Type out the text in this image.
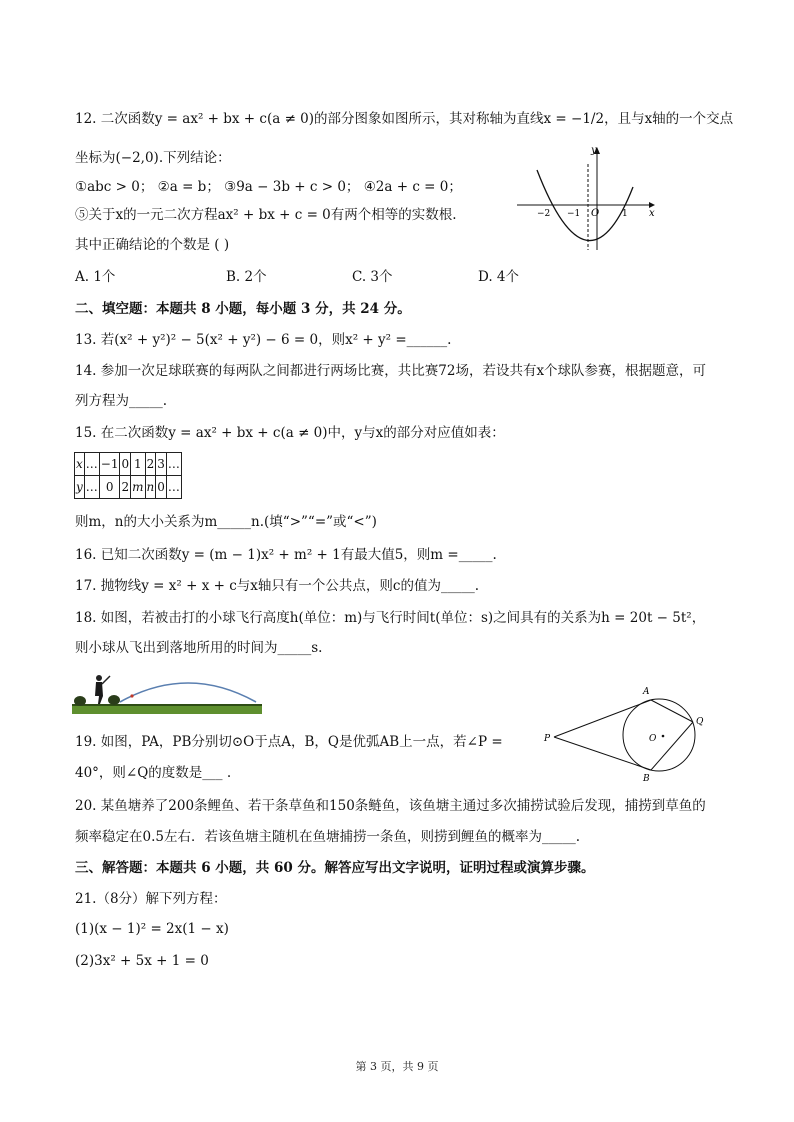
12. 二次函数y = ax² + bx + c(a ≠ 0)的部分图象如图所示，其对称轴为直线x = −1/2，且与x轴的一个交点
坐标为(−2,0).下列结论：
①abc > 0； ②a = b； ③9a − 3b + c > 0； ④2a + c = 0；
⑤关于x的一元二次方程ax² + bx + c = 0有两个相等的实数根.
其中正确结论的个数是 ( )
A. 1个	B. 2个	C. 3个	D. 4个
y
x
O
−2 −1	1
二、填空题：本题共 8 小题，每小题 3 分，共 24 分。
13. 若(x² + y²)² − 5(x² + y²) − 6 = 0，则x² + y² =______.
14. 参加一次足球联赛的每两队之间都进行两场比赛，共比赛72场，若设共有x个球队参赛，根据题意，可
列方程为_____.
15. 在二次函数y = ax² + bx + c(a ≠ 0)中，y与x的部分对应值如表：
x	…	−1	0	1	2	3	…
y	…	0	2	m	n	0	…
则m，n的大小关系为m_____n.(填“>”“=”或“<”)
16. 已知二次函数y = (m − 1)x² + m² + 1有最大值5，则m =_____.
17. 抛物线y = x² + x + c与x轴只有一个公共点，则c的值为_____.
18. 如图，若被击打的小球飞行高度h(单位：m)与飞行时间t(单位：s)之间具有的关系为h = 20t − 5t²，
则小球从飞出到落地所用的时间为_____s.
19. 如图，PA，PB分别切⊙O于点A，B，Q是优弧AB上一点，若∠P =
40°，则∠Q的度数是___ .
A
B
P
Q
O
20. 某鱼塘养了200条鲤鱼、若干条草鱼和150条鲢鱼，该鱼塘主通过多次捕捞试验后发现，捕捞到草鱼的
频率稳定在0.5左右．若该鱼塘主随机在鱼塘捕捞一条鱼，则捞到鲤鱼的概率为_____.
三、解答题：本题共 6 小题，共 60 分。解答应写出文字说明，证明过程或演算步骤。
21.（8分）解下列方程：
(1)(x − 1)² = 2x(1 − x)
(2)3x² + 5x + 1 = 0
第 3 页，共 9 页
